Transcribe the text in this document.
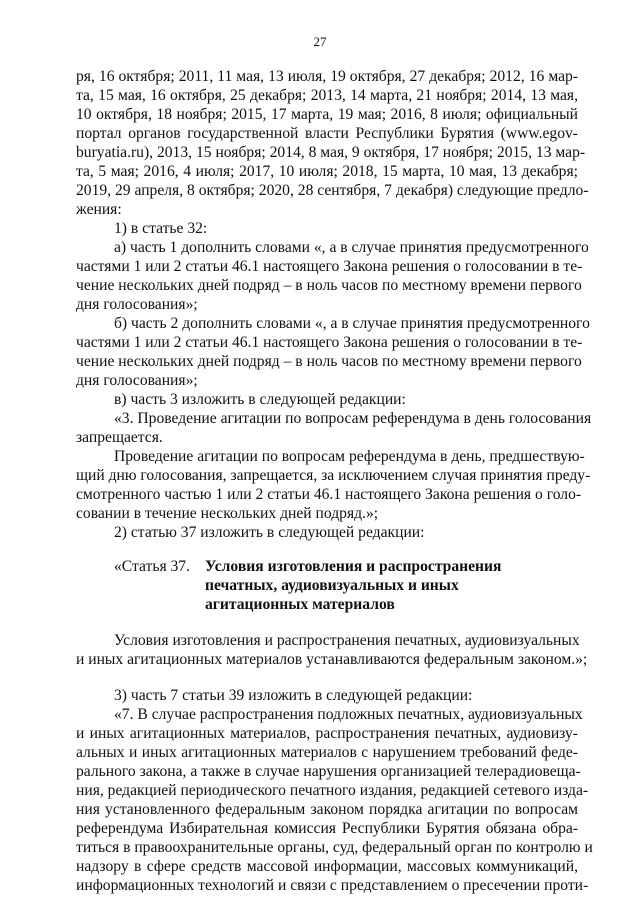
27
ря, 16 октября; 2011, 11 мая, 13 июля, 19 октября, 27 декабря; 2012, 16 мар-
та, 15 мая, 16 октября, 25 декабря; 2013, 14 марта, 21 ноября; 2014, 13 мая,
10 октября, 18 ноября; 2015, 17 марта, 19 мая; 2016, 8 июля; официальный
портал органов государственной власти Республики Бурятия (www.egov-
buryatia.ru), 2013, 15 ноября; 2014, 8 мая, 9 октября, 17 ноября; 2015, 13 мар-
та, 5 мая; 2016, 4 июля; 2017, 10 июля; 2018, 15 марта, 10 мая, 13 декабря;
2019, 29 апреля, 8 октября; 2020, 28 сентября, 7 декабря) следующие предло-
жения:
1) в статье 32:
а) часть 1 дополнить словами «, а в случае принятия предусмотренного
частями 1 или 2 статьи 46.1 настоящего Закона решения о голосовании в те-
чение нескольких дней подряд – в ноль часов по местному времени первого
дня голосования»;
б) часть 2 дополнить словами «, а в случае принятия предусмотренного
частями 1 или 2 статьи 46.1 настоящего Закона решения о голосовании в те-
чение нескольких дней подряд – в ноль часов по местному времени первого
дня голосования»;
в) часть 3 изложить в следующей редакции:
«3. Проведение агитации по вопросам референдума в день голосования
запрещается.
Проведение агитации по вопросам референдума в день, предшествую-
щий дню голосования, запрещается, за исключением случая принятия преду-
смотренного частью 1 или 2 статьи 46.1 настоящего Закона решения о голо-
совании в течение нескольких дней подряд.»;
2) статью 37 изложить в следующей редакции:
«Статья 37. Условия изготовления и распространения
печатных, аудиовизуальных и иных
агитационных материалов
Условия изготовления и распространения печатных, аудиовизуальных
и иных агитационных материалов устанавливаются федеральным законом.»;
3) часть 7 статьи 39 изложить в следующей редакции:
«7. В случае распространения подложных печатных, аудиовизуальных
и иных агитационных материалов, распространения печатных, аудиовизу-
альных и иных агитационных материалов с нарушением требований феде-
рального закона, а также в случае нарушения организацией телерадиовеща-
ния, редакцией периодического печатного издания, редакцией сетевого изда-
ния установленного федеральным законом порядка агитации по вопросам
референдума Избирательная комиссия Республики Бурятия обязана обра-
титься в правоохранительные органы, суд, федеральный орган по контролю и
надзору в сфере средств массовой информации, массовых коммуникаций,
информационных технологий и связи с представлением о пресечении проти-
